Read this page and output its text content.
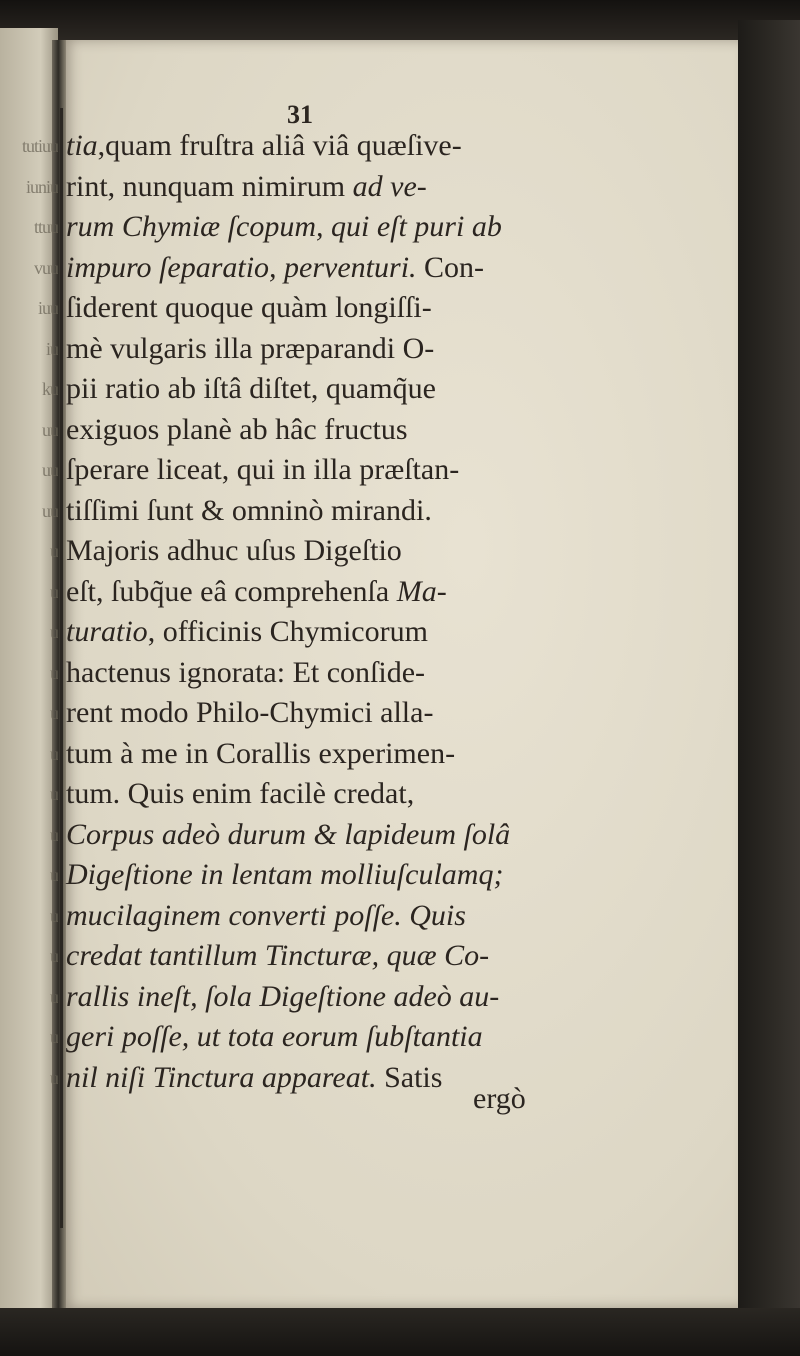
31
tia,quam fruſtra aliâ viâ quæſive-
rint, nunquam nimirum ad ve-
rum Chymiæ ſcopum, qui eſt puri ab
impuro ſeparatio, perventuri. Con-
ſiderent quoque quàm longiſſi-
mè vulgaris illa præparandi O-
pii ratio ab iſtâ diſtet, quamq̃ue
exiguos planè ab hâc fructus
ſperare liceat, qui in illa præſtan-
tiſſimi ſunt & omninò mirandi.
Majoris adhuc uſus Digeſtio
eſt, ſubq̃ue eâ comprehenſa Ma-
turatio, officinis Chymicorum
hactenus ignorata: Et conſide-
rent modo Philo-Chymici alla-
tum à me in Corallis experimen-
tum. Quis enim facilè credat,
Corpus adeò durum & lapideum ſolâ
Digeſtione in lentam molliuſculamq;
mucilaginem converti poſſe. Quis
credat tantillum Tincturæ, quæ Co-
rallis ineſt, ſola Digeſtione adeò au-
geri poſſe, ut tota eorum ſubſtantia
nil niſi Tinctura appareat. Satis
ergò
tutiuu
iuniu
ttuu
vuu
iuu
iu
ku
uu
uu
uu
u
u
u
u
u
u
u
u
u
u
u
u
u
u
